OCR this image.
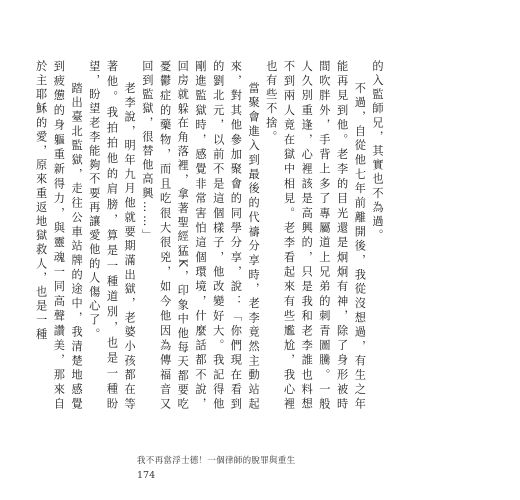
的入監師兄，其實也不為過。

不過，自從他七年前離開後，我從沒想過，有生之年能再見到他。老李的目光還是炯炯有神，除了身形被時間吹胖外，手背上多了專屬道上兄弟的刺青圖騰。一般人久別重逢，心裡該是高興的，只是我和老李誰也料想不到兩人竟在獄中相見。老李看起來有些尷尬，我心裡也有些不捨。

當聚會進入到最後的代禱分享時，老李竟然主動站起來，對其他參加聚會的同學分享，說：「你們現在看到的劉北元，以前不是這個樣子，他改變好大。我記得他剛進監獄時，感覺非常害怕這個環境，什麼話都不說，回房就躲在角落裡，拿著聖經猛K，印象中他每天都要吃憂鬱症的藥物，而且吃很大很兇，如今他因為傳福音又回到監獄，很替他高興……」

老李說，明年九月他就要期滿出獄，老婆小孩都在等著他。我拍拍他的肩膀，算是一種道別，也是一種盼望，盼望老李能夠不要再讓愛他的人傷心了。

踏出臺北監獄，走往公車站牌的途中，我清楚地感覺到疲憊的身軀重新得力，與靈魂一同高聲讚美，那來自於主耶穌的愛，原來重返地獄救人，也是一種

我不再當浮士德！一個律師的脫罪與重生
174
